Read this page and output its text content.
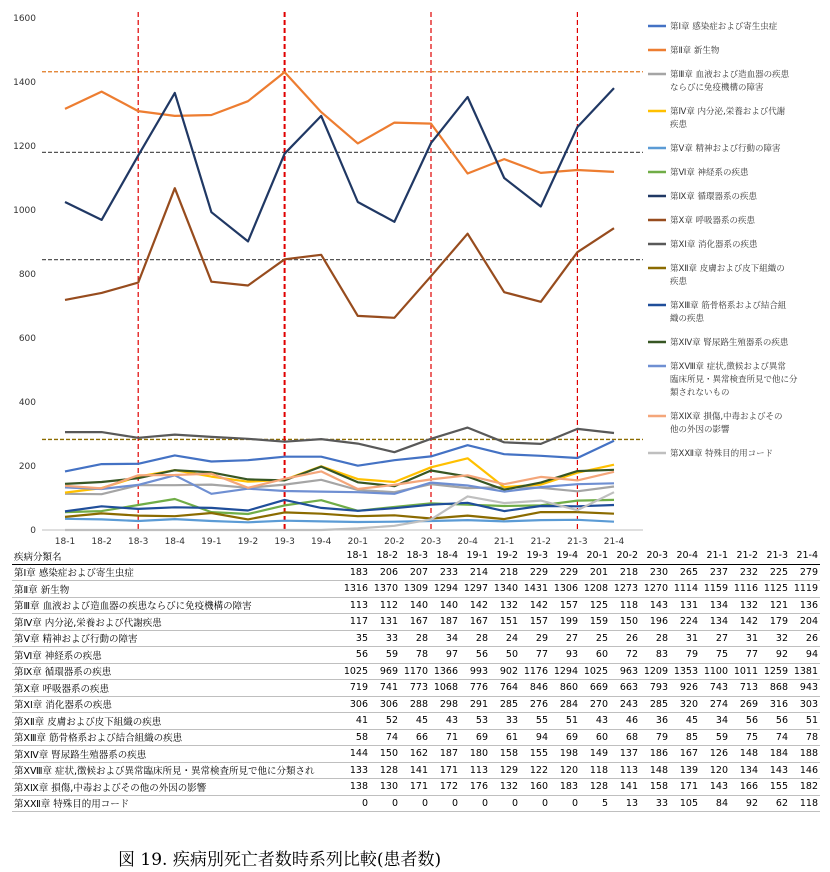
0
200
400
600
800
1000
1200
1400
1600
18-1 18-2 18-3 18-4 19-1 19-2 19-3 19-4 20-1 20-2 20-3 20-4 21-1 21-2 21-3 21-4
第Ⅰ章 感染症および寄生虫症
第Ⅱ章 新生物
第Ⅲ章 血液および造血器の疾患ならびに免疫機構の障害
第Ⅳ章 内分泌,栄養および代謝疾患
第Ⅴ章 精神および行動の障害
第Ⅵ章 神経系の疾患
第Ⅸ章 循環器系の疾患
第Ⅹ章 呼吸器系の疾患
第ⅩⅠ章 消化器系の疾患
第ⅩⅡ章 皮膚および皮下組織の疾患
第ⅩⅢ章 筋骨格系および結合組織の疾患
第ⅩⅣ章 腎尿路生殖器系の疾患
第ⅩⅧ章 症状,徴候および異常臨床所見・異常検査所見で他に分類されないもの
第ⅩⅨ章 損傷,中毒およびその他の外因の影響
第ⅩⅫ章 特殊目的用コード
疾病分類名	18-1	18-2	18-3	18-4	19-1	19-2	19-3	19-4	20-1	20-2	20-3	20-4	21-1	21-2	21-3	21-4
第Ⅰ章 感染症および寄生虫症	183	206	207	233	214	218	229	229	201	218	230	265	237	232	225	279
第Ⅱ章 新生物	1316	1370	1309	1294	1297	1340	1431	1306	1208	1273	1270	1114	1159	1116	1125	1119
第Ⅲ章 血液および造血器の疾患ならびに免疫機構の障害	113	112	140	140	142	132	142	157	125	118	143	131	134	132	121	136
第Ⅳ章 内分泌,栄養および代謝疾患	117	131	167	187	167	151	157	199	159	150	196	224	134	142	179	204
第Ⅴ章 精神および行動の障害	35	33	28	34	28	24	29	27	25	26	28	31	27	31	32	26
第Ⅵ章 神経系の疾患	56	59	78	97	56	50	77	93	60	72	83	79	75	77	92	94
第Ⅸ章 循環器系の疾患	1025	969	1170	1366	993	902	1176	1294	1025	963	1209	1353	1100	1011	1259	1381
第Ⅹ章 呼吸器系の疾患	719	741	773	1068	776	764	846	860	669	663	793	926	743	713	868	943
第ⅩⅠ章 消化器系の疾患	306	306	288	298	291	285	276	284	270	243	285	320	274	269	316	303
第ⅩⅡ章 皮膚および皮下組織の疾患	41	52	45	43	53	33	55	51	43	46	36	45	34	56	56	51
第ⅩⅢ章 筋骨格系および結合組織の疾患	58	74	66	71	69	61	94	69	60	68	79	85	59	75	74	78
第ⅩⅣ章 腎尿路生殖器系の疾患	144	150	162	187	180	158	155	198	149	137	186	167	126	148	184	188
第ⅩⅧ章 症状,徴候および異常臨床所見・異常検査所見で他に分類され	133	128	141	171	113	129	122	120	118	113	148	139	120	134	143	146
第ⅩⅨ章 損傷,中毒およびその他の外因の影響	138	130	171	172	176	132	160	183	128	141	158	171	143	166	155	182
第ⅩⅫ章 特殊目的用コード	0	0	0	0	0	0	0	0	5	13	33	105	84	92	62	118

図 19. 疾病別死亡者数時系列比較(患者数)
